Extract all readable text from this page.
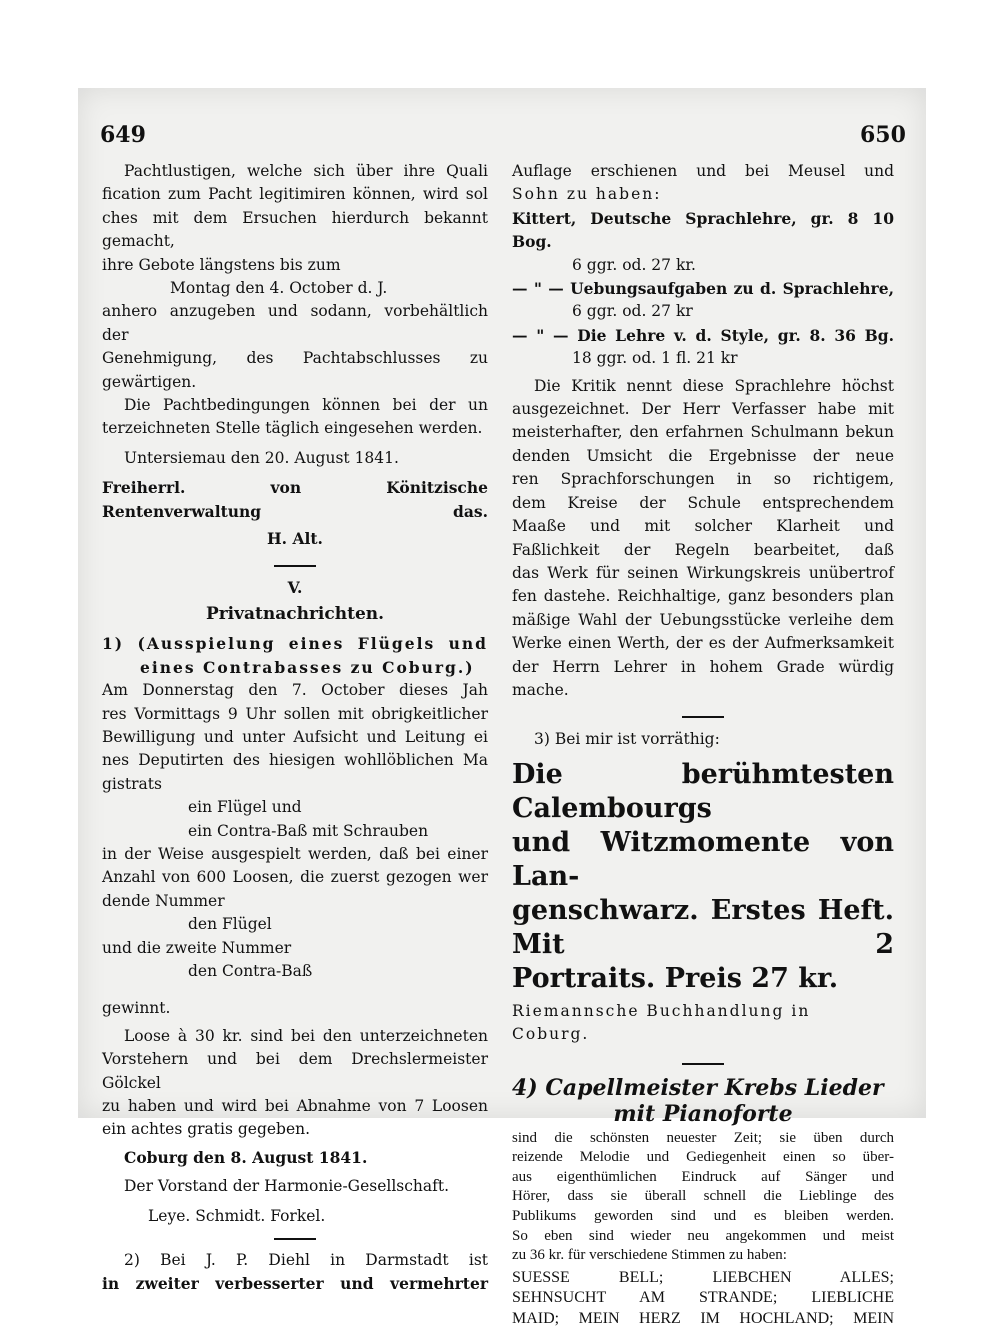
649	650

Pachtlustigen, welche sich über ihre Quali

fication zum Pacht legitimiren können, wird sol

ches mit dem Ersuchen hierdurch bekannt gemacht,

ihre Gebote längstens bis zum

Montag den 4. October d. J.

anhero anzugeben und sodann, vorbehältlich der

Genehmigung, des Pachtabschlusses zu gewärtigen.

Die Pachtbedingungen können bei der un

terzeichneten Stelle täglich eingesehen werden.

Untersiemau den 20. August 1841.

Freiherrl. von Könitzische Rentenverwaltung das.

H. Alt.

V.

Privatnachrichten.

1) (Ausspielung eines Flügels und

eines Contrabasses zu Coburg.)

Am Donnerstag den 7. October dieses Jah

res Vormittags 9 Uhr sollen mit obrigkeitlicher

Bewilligung und unter Aufsicht und Leitung ei

nes Deputirten des hiesigen wohllöblichen Ma

gistrats

ein Flügel und

ein Contra-Baß mit Schrauben

in der Weise ausgespielt werden, daß bei einer

Anzahl von 600 Loosen, die zuerst gezogen wer

dende Nummer

den Flügel

und die zweite Nummer

den Contra-Baß

gewinnt.

Loose à 30 kr. sind bei den unterzeichneten

Vorstehern und bei dem Drechslermeister Gölckel

zu haben und wird bei Abnahme von 7 Loosen

ein achtes gratis gegeben.

Coburg den 8. August 1841.

Der Vorstand der Harmonie-Gesellschaft.

Leye. Schmidt. Forkel.

2) Bei J. P. Diehl in Darmstadt ist

in zweiter verbesserter und vermehrter

Auflage erschienen und bei Meusel und

Sohn zu haben:

Kittert, Deutsche Sprachlehre, gr. 8 10 Bog.

6 ggr. od. 27 kr.

— " — Uebungsaufgaben zu d. Sprachlehre,

6 ggr. od. 27 kr

— " — Die Lehre v. d. Style, gr. 8. 36 Bg.

18 ggr. od. 1 fl. 21 kr

Die Kritik nennt diese Sprachlehre höchst

ausgezeichnet. Der Herr Verfasser habe mit

meisterhafter, den erfahrnen Schulmann bekun

denden Umsicht die Ergebnisse der neue

ren Sprachforschungen in so richtigem,

dem Kreise der Schule entsprechendem

Maaße und mit solcher Klarheit und

Faßlichkeit der Regeln bearbeitet, daß

das Werk für seinen Wirkungskreis unübertrof

fen dastehe. Reichhaltige, ganz besonders plan

mäßige Wahl der Uebungsstücke verleihe dem

Werke einen Werth, der es der Aufmerksamkeit

der Herrn Lehrer in hohem Grade würdig mache.

3) Bei mir ist vorräthig:

Die berühmtesten Calembourgs

und Witzmomente von Lan-

genschwarz. Erstes Heft. Mit 2

Portraits. Preis 27 kr.

Riemannsche Buchhandlung in Coburg.

4) Capellmeister Krebs Lieder

mit Pianoforte

sind die schönsten neuester Zeit; sie üben durch

reizende Melodie und Gediegenheit einen so über-

aus eigenthümlichen Eindruck auf Sänger und

Hörer, dass sie überall schnell die Lieblinge des

Publikums geworden sind und es bleiben werden.

So eben sind wieder neu angekommen und meist

zu 36 kr. für verschiedene Stimmen zu haben:

SUESSE BELL; LIEBCHEN ALLES;

SEHNSUCHT AM STRANDE; LIEBLICHE

MAID; MEIN HERZ IM HOCHLAND; MEIN
